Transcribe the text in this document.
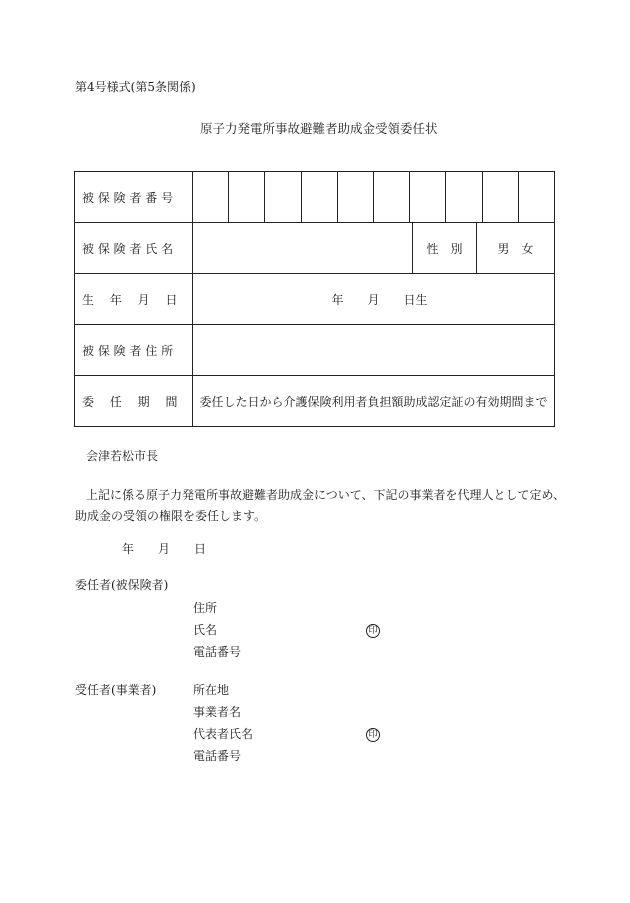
第4号様式(第5条関係)
原子力発電所事故避難者助成金受領委任状
被 保 険 者 番 号	

被 保 険 者 氏 名	性別 男女

生　 年　 月　 日	年　　月　　日生

被 保 険 者 住 所	

委　 任　 期　 間	委任した日から介護保険利用者負担額助成認定証の有効期間まで
会津若松市長
上記に係る原子力発電所事故避難者助成金について、下記の事業者を代理人として定め、
助成金の受領の権限を委任します。
年　　月　　日
委任者(被保険者)
住所
氏名	印
電話番号
受任者(事業者)	所在地
事業者名
代表者氏名	印
電話番号
